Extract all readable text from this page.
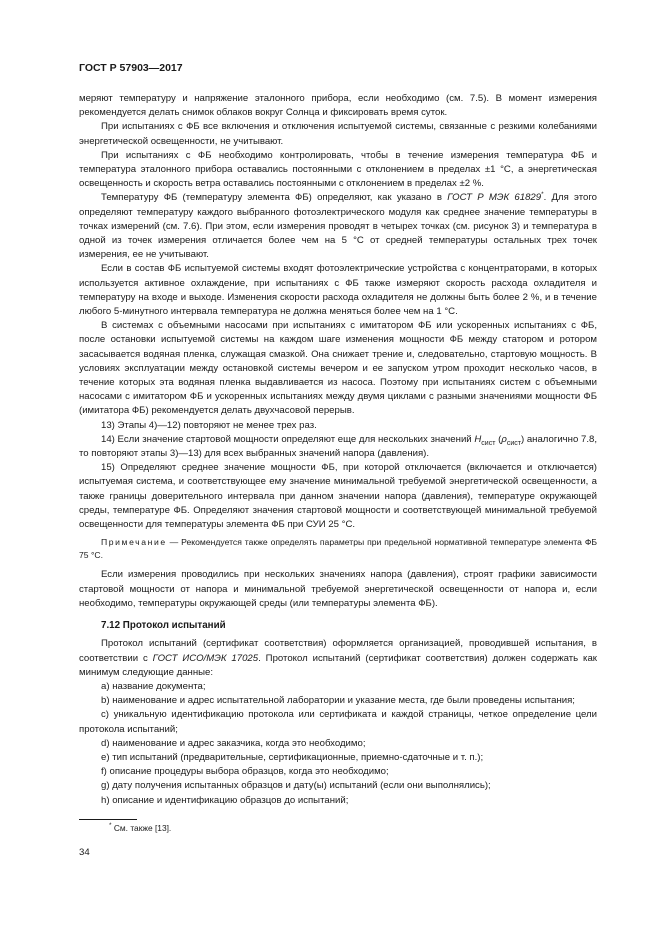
ГОСТ Р 57903—2017

меряют температуру и напряжение эталонного прибора, если необходимо (см. 7.5). В момент измерения рекомендуется делать снимок облаков вокруг Солнца и фиксировать время суток.

При испытаниях с ФБ все включения и отключения испытуемой системы, связанные с резкими колебаниями энергетической освещенности, не учитывают.

При испытаниях с ФБ необходимо контролировать, чтобы в течение измерения температура ФБ и температура эталонного прибора оставались постоянными с отклонением в пределах ±1 °С, а энергетическая освещенность и скорость ветра оставались постоянными с отклонением в пределах ±2 %.

Температуру ФБ (температуру элемента ФБ) определяют, как указано в ГОСТ Р МЭК 61829*. Для этого определяют температуру каждого выбранного фотоэлектрического модуля как среднее значение температуры в точках измерений (см. 7.6). При этом, если измерения проводят в четырех точках (см. рисунок 3) и температура в одной из точек измерения отличается более чем на 5 °С от средней температуры остальных трех точек измерения, ее не учитывают.

Если в состав ФБ испытуемой системы входят фотоэлектрические устройства с концентраторами, в которых используется активное охлаждение, при испытаниях с ФБ также измеряют скорость расхода охладителя и температуру на входе и выходе. Изменения скорости расхода охладителя не должны быть более 2 %, и в течение любого 5-минутного интервала температура не должна меняться более чем на 1 °С.

В системах с объемными насосами при испытаниях с имитатором ФБ или ускоренных испытаниях с ФБ, после остановки испытуемой системы на каждом шаге изменения мощности ФБ между статором и ротором засасывается водяная пленка, служащая смазкой. Она снижает трение и, следовательно, стартовую мощность. В условиях эксплуатации между остановкой системы вечером и ее запуском утром проходит несколько часов, в течение которых эта водяная пленка выдавливается из насоса. Поэтому при испытаниях систем с объемными насосами с имитатором ФБ и ускоренных испытаниях между двумя циклами с разными значениями мощности ФБ (имитатора ФБ) рекомендуется делать двухчасовой перерыв.

13) Этапы 4)—12) повторяют не менее трех раз.

14) Если значение стартовой мощности определяют еще для нескольких значений $H_{сист}$ $(\rho_{сист})$ аналогично 7.8, то повторяют этапы 3)—13) для всех выбранных значений напора (давления).

15) Определяют среднее значение мощности ФБ, при которой отключается (включается и отключается) испытуемая система, и соответствующее ему значение минимальной требуемой энергетической освещенности, а также границы доверительного интервала при данном значении напора (давления), температуре окружающей среды, температуре ФБ. Определяют значения стартовой мощности и соответствующей минимальной требуемой освещенности для температуры элемента ФБ при СУИ 25 °С.

Примечание — Рекомендуется также определять параметры при предельной нормативной температуре элемента ФБ 75 °С.

Если измерения проводились при нескольких значениях напора (давления), строят графики зависимости стартовой мощности от напора и минимальной требуемой энергетической освещенности от напора и, если необходимо, температуры окружающей среды (или температуры элемента ФБ).

7.12 Протокол испытаний

Протокол испытаний (сертификат соответствия) оформляется организацией, проводившей испытания, в соответствии с ГОСТ ИСО/МЭК 17025. Протокол испытаний (сертификат соответствия) должен содержать как минимум следующие данные:

a) название документа;

b) наименование и адрес испытательной лаборатории и указание места, где были проведены испытания;

c) уникальную идентификацию протокола или сертификата и каждой страницы, четкое определение цели протокола испытаний;

d) наименование и адрес заказчика, когда это необходимо;

e) тип испытаний (предварительные, сертификационные, приемно-сдаточные и т. п.);

f) описание процедуры выбора образцов, когда это необходимо;

g) дату получения испытанных образцов и дату(ы) испытаний (если они выполнялись);

h) описание и идентификацию образцов до испытаний;

* См. также [13].
34
